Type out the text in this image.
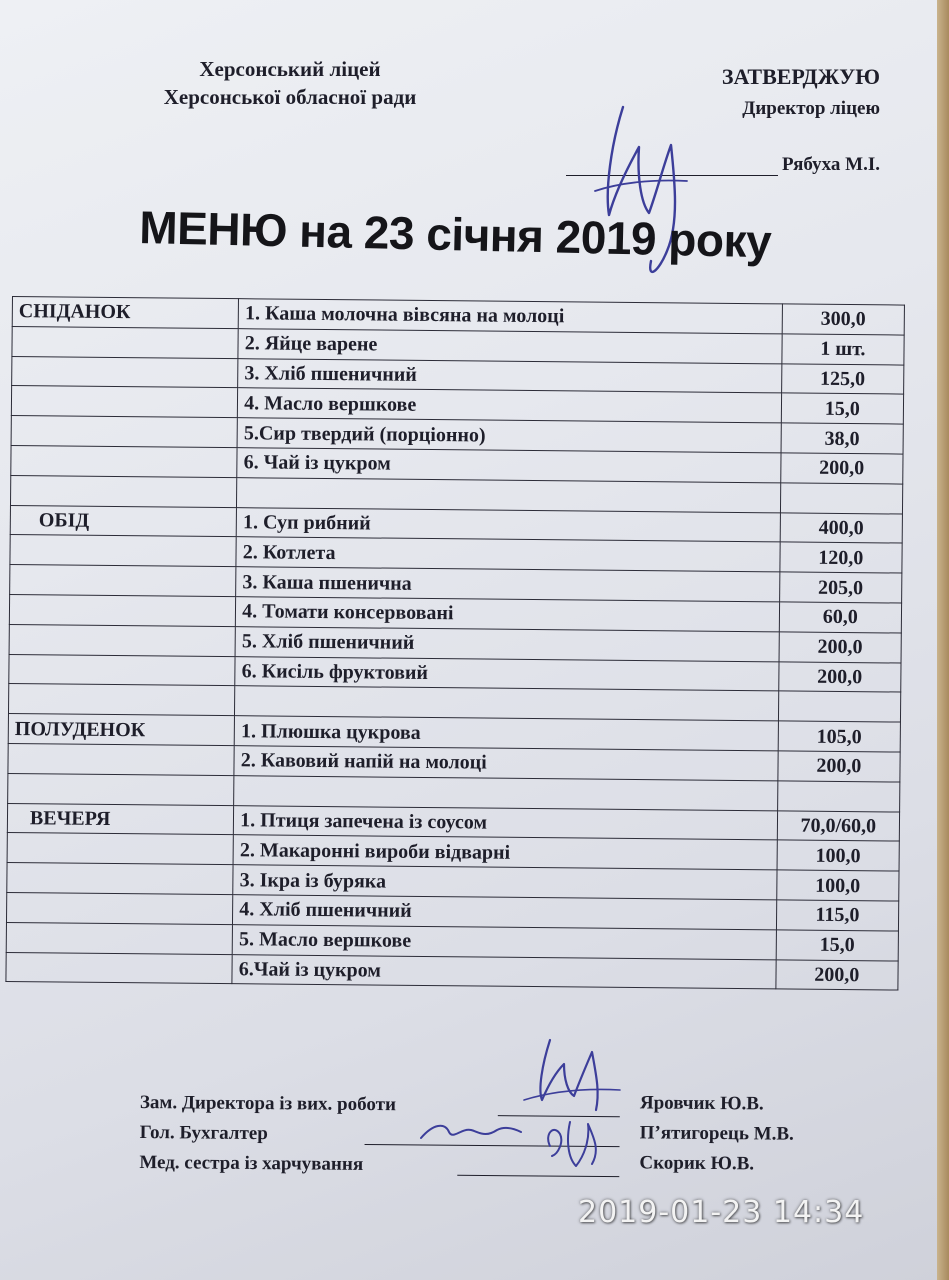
Херсонський ліцей
Херсонської обласної ради
ЗАТВЕРДЖУЮ
Директор ліцею
Рябуха М.І.
МЕНЮ на 23 січня 2019 року
СНІДАНОК	1. Каша молочна вівсяна на молоці	300,0
	2. Яйце варене	1 шт.
	3. Хліб пшеничний	125,0
	4. Масло вершкове	15,0
	5.Сир твердий (порціонно)	38,0
	6. Чай із цукром	200,0

ОБІД	1. Суп рибний	400,0
	2. Котлета	120,0
	3. Каша пшенична	205,0
	4. Томати консервовані	60,0
	5. Хліб пшеничний	200,0
	6. Кисіль фруктовий	200,0

ПОЛУДЕНОК	1. Плюшка цукрова	105,0
	2. Кавовий напій на молоці	200,0

ВЕЧЕРЯ	1. Птиця запечена із соусом	70,0/60,0
	2. Макаронні вироби відварні	100,0
	3. Ікра із буряка	100,0
	4. Хліб пшеничний	115,0
	5. Масло вершкове	15,0
	6.Чай із цукром	200,0
Зам. Директора із вих. роботи	Яровчик Ю.В.
Гол. Бухгалтер	П’ятигорець М.В.
Мед. сестра із харчування	Скорик Ю.В.
2019-01-23 14:34
